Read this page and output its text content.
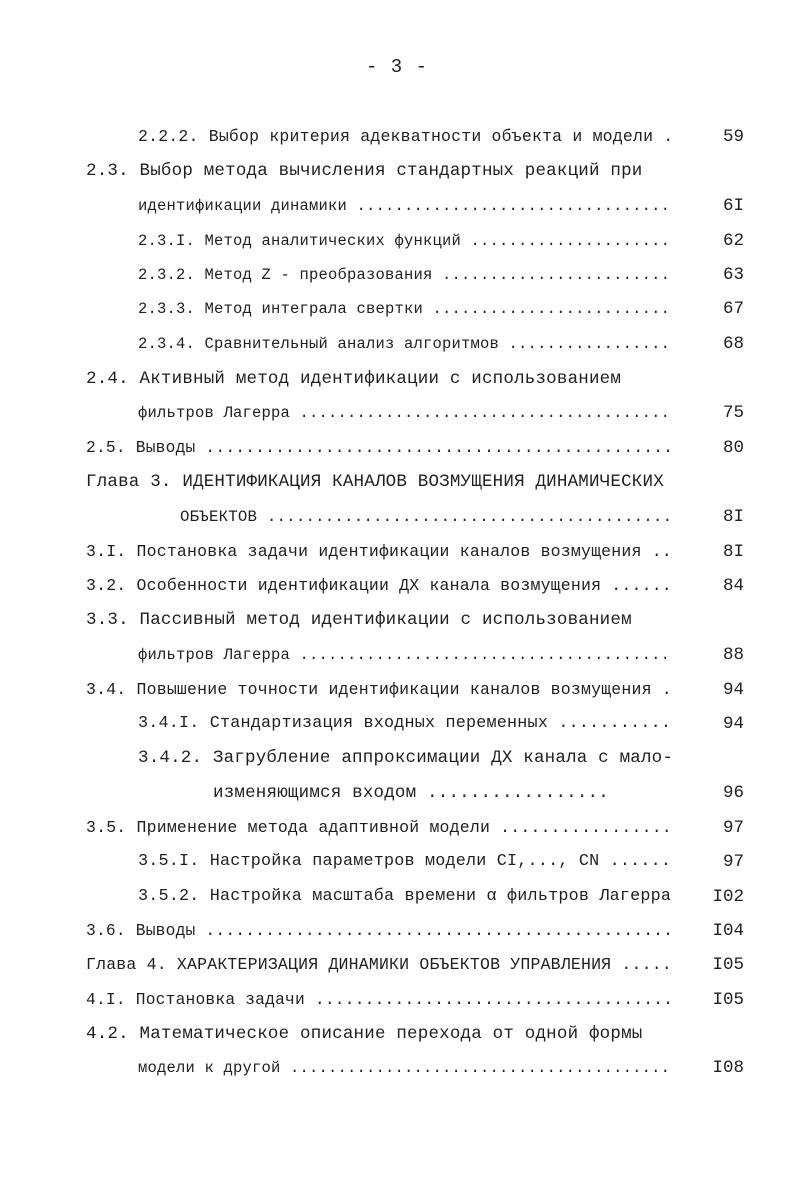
- 3 -
2.2.2. Выбор критерия адекватности объекта и модели .	59
2.3. Выбор метода вычисления стандартных реакций при
идентификации динамики .................................	6I
2.3.I. Метод аналитических функций .....................	62
2.3.2. Метод Z - преобразования ........................	63
2.3.3. Метод интеграла свертки .........................	67
2.3.4. Сравнительный анализ алгоритмов .................	68
2.4. Активный метод идентификации с использованием
фильтров Лагерра .......................................	75
2.5. Выводы ...............................................	80
Глава 3. ИДЕНТИФИКАЦИЯ КАНАЛОВ ВОЗМУЩЕНИЯ ДИНАМИЧЕСКИХ
ОБЪЕКТОВ ..........................................	8I
3.I. Постановка задачи идентификации каналов возмущения ..	8I
3.2. Особенности идентификации ДХ канала возмущения ......	84
3.3. Пассивный метод идентификации с использованием
фильтров Лагерра .......................................	88
3.4. Повышение точности идентификации каналов возмущения .	94
3.4.I. Стандартизация входных переменных ...........	94
3.4.2. Загрубление аппроксимации ДХ канала с мало-
изменяющимся входом .................	96
3.5. Применение метода адаптивной модели .................	97
3.5.I. Настройка параметров модели CI,..., CN ......	97
3.5.2. Настройка масштаба времени α фильтров Лагерра	I02
3.6. Выводы ...............................................	I04
Глава 4. ХАРАКТЕРИЗАЦИЯ ДИНАМИКИ ОБЪЕКТОВ УПРАВЛЕНИЯ .....	I05
4.I. Постановка задачи ....................................	I05
4.2. Математическое описание перехода от одной формы
модели к другой ........................................	I08
